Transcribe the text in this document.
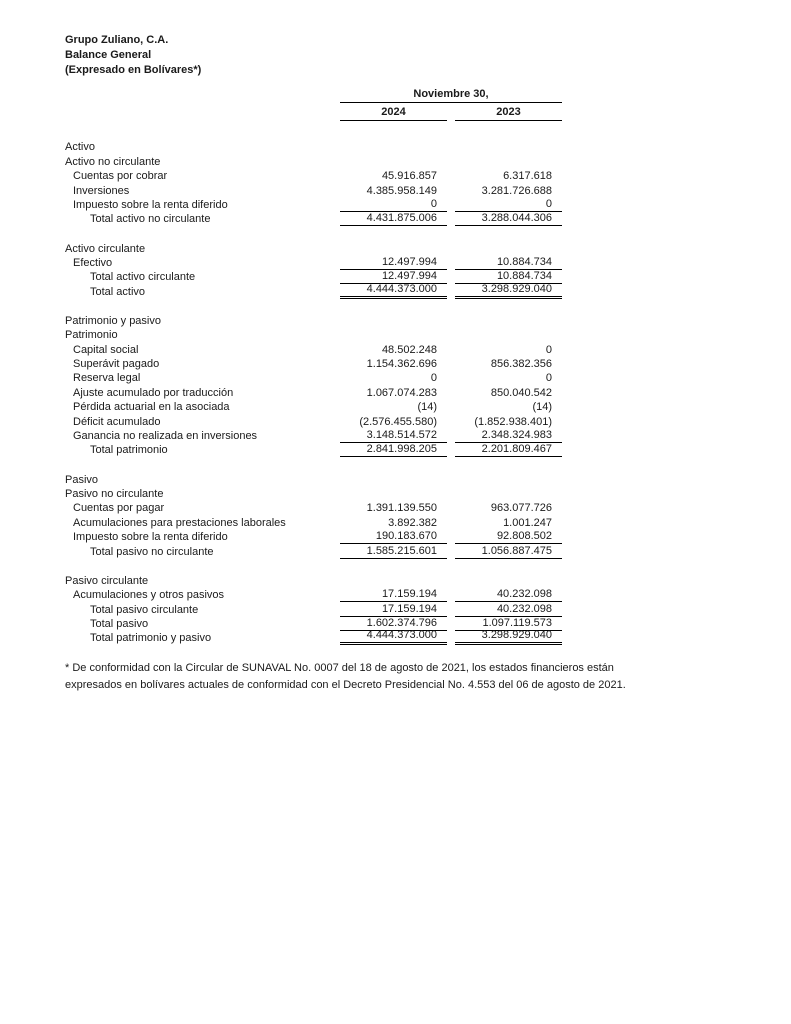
Grupo Zuliano, C.A.
Balance General
(Expresado en Bolívares*)
Noviembre 30,
2024	2023
Activo
Activo no circulante
Cuentas por cobrar	45.916.857	6.317.618
Inversiones	4.385.958.149	3.281.726.688
Impuesto sobre la renta diferido	0	0
Total activo no circulante	4.431.875.006	3.288.044.306
Activo circulante
Efectivo	12.497.994	10.884.734
Total activo circulante	12.497.994	10.884.734
Total activo	4.444.373.000	3.298.929.040
Patrimonio y pasivo
Patrimonio
Capital social	48.502.248	0
Superávit pagado	1.154.362.696	856.382.356
Reserva legal	0	0
Ajuste acumulado por traducción	1.067.074.283	850.040.542
Pérdida actuarial en la asociada	(14)	(14)
Déficit acumulado	(2.576.455.580)	(1.852.938.401)
Ganancia no realizada en inversiones	3.148.514.572	2.348.324.983
Total patrimonio	2.841.998.205	2.201.809.467
Pasivo
Pasivo no circulante
Cuentas por pagar	1.391.139.550	963.077.726
Acumulaciones para prestaciones laborales	3.892.382	1.001.247
Impuesto sobre la renta diferido	190.183.670	92.808.502
Total pasivo no circulante	1.585.215.601	1.056.887.475
Pasivo circulante
Acumulaciones y otros pasivos	17.159.194	40.232.098
Total pasivo circulante	17.159.194	40.232.098
Total pasivo	1.602.374.796	1.097.119.573
Total patrimonio y pasivo	4.444.373.000	3.298.929.040
* De conformidad con la Circular de SUNAVAL No. 0007 del 18 de agosto de 2021, los estados financieros están
expresados en bolívares actuales de conformidad con el Decreto Presidencial No. 4.553 del 06 de agosto de 2021.
